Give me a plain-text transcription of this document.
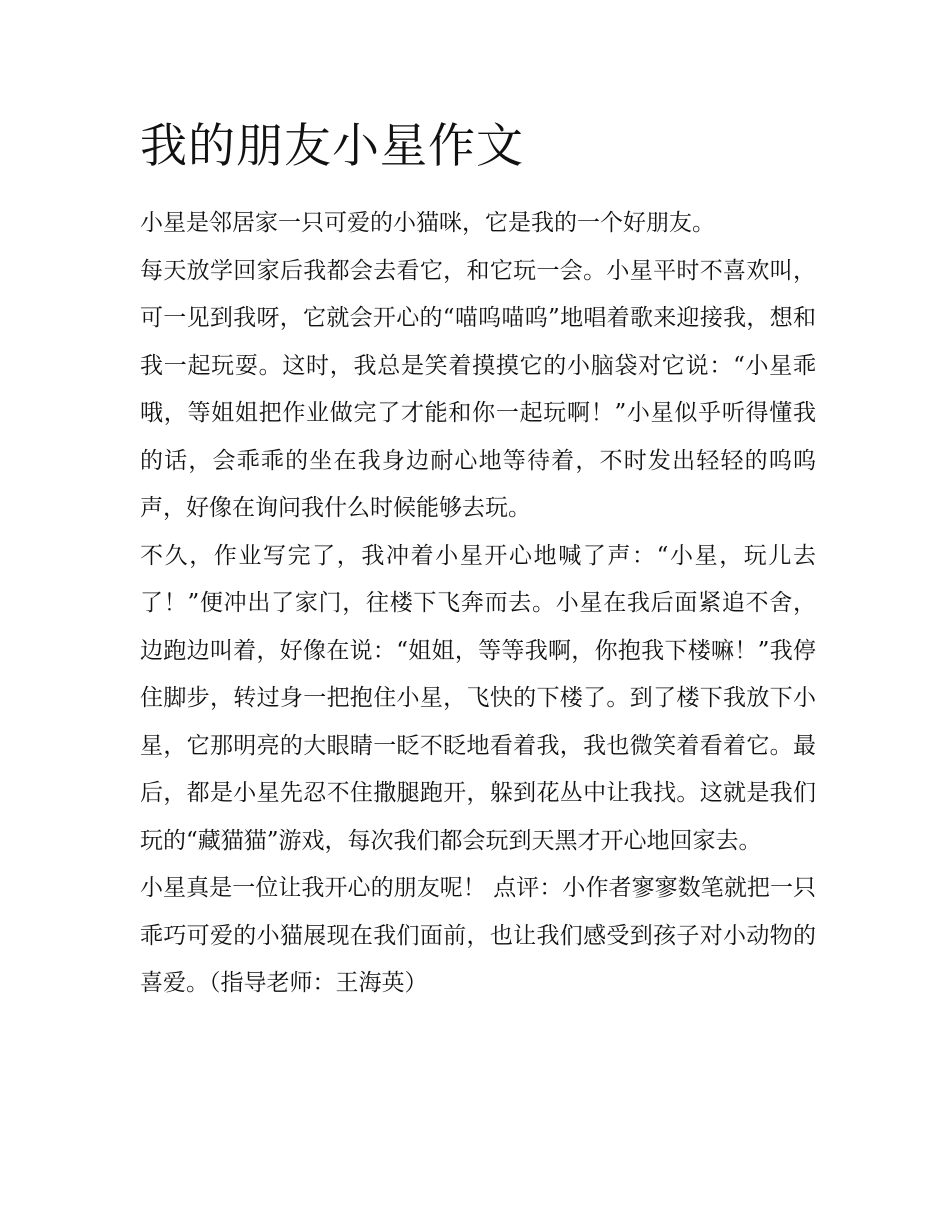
我的朋友小星作文

小星是邻居家一只可爱的小猫咪，它是我的一个好朋友。

每天放学回家后我都会去看它，和它玩一会。小星平时不喜欢叫，可一见到我呀，它就会开心的“喵呜喵呜”地唱着歌来迎接我，想和我一起玩耍。这时，我总是笑着摸摸它的小脑袋对它说：“小星乖哦，等姐姐把作业做完了才能和你一起玩啊！”小星似乎听得懂我的话，会乖乖的坐在我身边耐心地等待着，不时发出轻轻的呜呜声，好像在询问我什么时候能够去玩。

不久，作业写完了，我冲着小星开心地喊了声：“小星，玩儿去了！”便冲出了家门，往楼下飞奔而去。小星在我后面紧追不舍，边跑边叫着，好像在说：“姐姐，等等我啊，你抱我下楼嘛！”我停住脚步，转过身一把抱住小星，飞快的下楼了。到了楼下我放下小星，它那明亮的大眼睛一眨不眨地看着我，我也微笑着看着它。最后，都是小星先忍不住撒腿跑开，躲到花丛中让我找。这就是我们玩的“藏猫猫”游戏，每次我们都会玩到天黑才开心地回家去。

小星真是一位让我开心的朋友呢！ 点评：小作者寥寥数笔就把一只乖巧可爱的小猫展现在我们面前，也让我们感受到孩子对小动物的喜爱。（指导老师：王海英）
